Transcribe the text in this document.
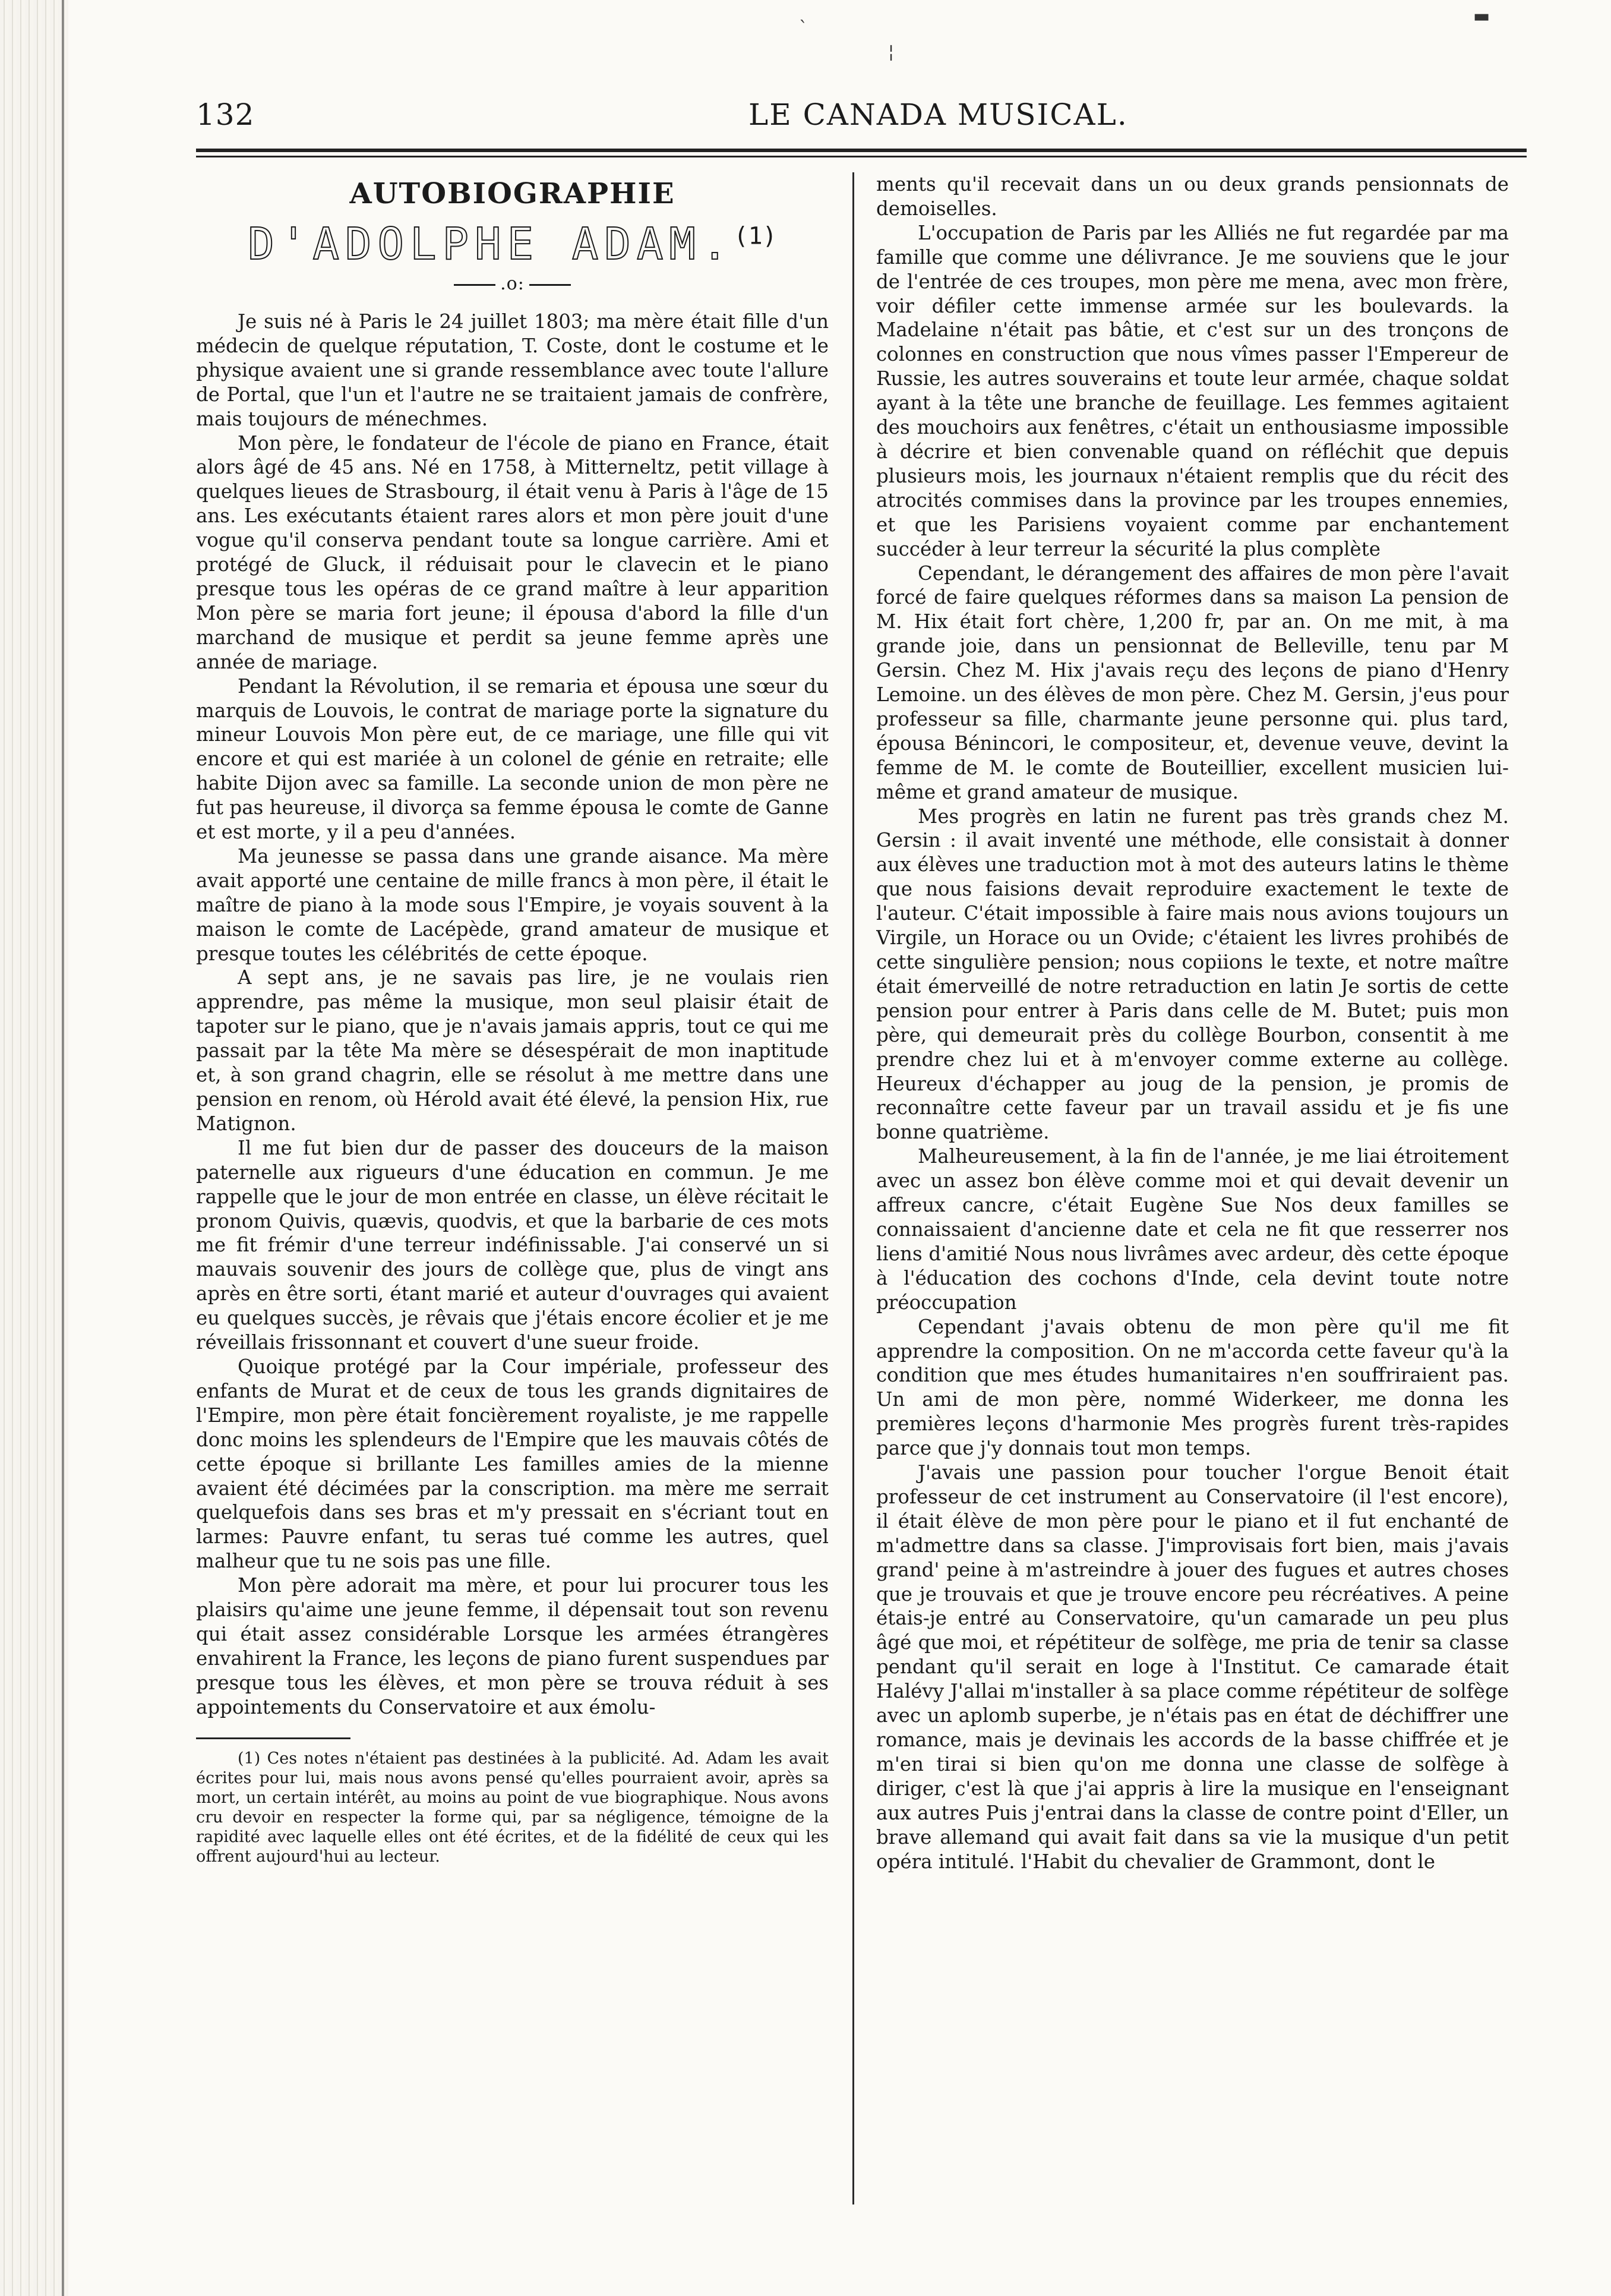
132	LE CANADA MUSICAL.
AUTOBIOGRAPHIE
D'ADOLPHE ADAM.$^{(1)}$
.o:

Je suis né à Paris le 24 juillet 1803; ma mère était fille d'un médecin de quelque réputation, T. Coste, dont le costume et le physique avaient une si grande ressemblance avec toute l'allure de Portal, que l'un et l'autre ne se traitaient jamais de confrère, mais toujours de ménechmes.

Mon père, le fondateur de l'école de piano en France, était alors âgé de 45 ans. Né en 1758, à Mitterneltz, petit village à quelques lieues de Strasbourg, il était venu à Paris à l'âge de 15 ans. Les exécutants étaient rares alors et mon père jouit d'une vogue qu'il conserva pendant toute sa longue carrière. Ami et protégé de Gluck, il réduisait pour le clavecin et le piano presque tous les opéras de ce grand maître à leur apparition Mon père se maria fort jeune; il épousa d'abord la fille d'un marchand de musique et perdit sa jeune femme après une année de mariage.

Pendant la Révolution, il se remaria et épousa une sœur du marquis de Louvois, le contrat de mariage porte la signature du mineur Louvois Mon père eut, de ce mariage, une fille qui vit encore et qui est mariée à un colonel de génie en retraite; elle habite Dijon avec sa famille. La seconde union de mon père ne fut pas heureuse, il divorça sa femme épousa le comte de Ganne et est morte, y il a peu d'années.

Ma jeunesse se passa dans une grande aisance. Ma mère avait apporté une centaine de mille francs à mon père, il était le maître de piano à la mode sous l'Empire, je voyais souvent à la maison le comte de Lacépède, grand amateur de musique et presque toutes les célébrités de cette époque.

A sept ans, je ne savais pas lire, je ne voulais rien apprendre, pas même la musique, mon seul plaisir était de tapoter sur le piano, que je n'avais jamais appris, tout ce qui me passait par la tête Ma mère se désespérait de mon inaptitude et, à son grand chagrin, elle se résolut à me mettre dans une pension en renom, où Hérold avait été élevé, la pension Hix, rue Matignon.

Il me fut bien dur de passer des douceurs de la maison paternelle aux rigueurs d'une éducation en commun. Je me rappelle que le jour de mon entrée en classe, un élève récitait le pronom Quivis, quævis, quodvis, et que la barbarie de ces mots me fit frémir d'une terreur indéfinissable. J'ai conservé un si mauvais souvenir des jours de collège que, plus de vingt ans après en être sorti, étant marié et auteur d'ouvrages qui avaient eu quelques succès, je rêvais que j'étais encore écolier et je me réveillais frissonnant et couvert d'une sueur froide.

Quoique protégé par la Cour impériale, professeur des enfants de Murat et de ceux de tous les grands dignitaires de l'Empire, mon père était foncièrement royaliste, je me rappelle donc moins les splendeurs de l'Empire que les mauvais côtés de cette époque si brillante Les familles amies de la mienne avaient été décimées par la conscription. ma mère me serrait quelquefois dans ses bras et m'y pressait en s'écriant tout en larmes: Pauvre enfant, tu seras tué comme les autres, quel malheur que tu ne sois pas une fille.

Mon père adorait ma mère, et pour lui procurer tous les plaisirs qu'aime une jeune femme, il dépensait tout son revenu qui était assez considérable Lorsque les armées étrangères envahirent la France, les leçons de piano furent suspendues par presque tous les élèves, et mon père se trouva réduit à ses appointements du Conservatoire et aux émolu-

(1) Ces notes n'étaient pas destinées à la publicité. Ad. Adam les avait écrites pour lui, mais nous avons pensé qu'elles pourraient avoir, après sa mort, un certain intérêt, au moins au point de vue biographique. Nous avons cru devoir en respecter la forme qui, par sa négligence, témoigne de la rapidité avec laquelle elles ont été écrites, et de la fidélité de ceux qui les offrent aujourd'hui au lecteur.

ments qu'il recevait dans un ou deux grands pensionnats de demoiselles.

L'occupation de Paris par les Alliés ne fut regardée par ma famille que comme une délivrance. Je me souviens que le jour de l'entrée de ces troupes, mon père me mena, avec mon frère, voir défiler cette immense armée sur les boulevards. la Madelaine n'était pas bâtie, et c'est sur un des tronçons de colonnes en construction que nous vîmes passer l'Empereur de Russie, les autres souverains et toute leur armée, chaque soldat ayant à la tête une branche de feuillage. Les femmes agitaient des mouchoirs aux fenêtres, c'était un enthousiasme impossible à décrire et bien convenable quand on réfléchit que depuis plusieurs mois, les journaux n'étaient remplis que du récit des atrocités commises dans la province par les troupes ennemies, et que les Parisiens voyaient comme par enchantement succéder à leur terreur la sécurité la plus complète

Cependant, le dérangement des affaires de mon père l'avait forcé de faire quelques réformes dans sa maison La pension de M. Hix était fort chère, 1,200 fr, par an. On me mit, à ma grande joie, dans un pensionnat de Belleville, tenu par M Gersin. Chez M. Hix j'avais reçu des leçons de piano d'Henry Lemoine. un des élèves de mon père. Chez M. Gersin, j'eus pour professeur sa fille, charmante jeune personne qui. plus tard, épousa Bénincori, le compositeur, et, devenue veuve, devint la femme de M. le comte de Bouteillier, excellent musicien lui-même et grand amateur de musique.

Mes progrès en latin ne furent pas très grands chez M. Gersin : il avait inventé une méthode, elle consistait à donner aux élèves une traduction mot à mot des auteurs latins le thème que nous faisions devait reproduire exactement le texte de l'auteur. C'était impossible à faire mais nous avions toujours un Virgile, un Horace ou un Ovide; c'étaient les livres prohibés de cette singulière pension; nous copiions le texte, et notre maître était émerveillé de notre retraduction en latin Je sortis de cette pension pour entrer à Paris dans celle de M. Butet; puis mon père, qui demeurait près du collège Bourbon, consentit à me prendre chez lui et à m'envoyer comme externe au collège. Heureux d'échapper au joug de la pension, je promis de reconnaître cette faveur par un travail assidu et je fis une bonne quatrième.

Malheureusement, à la fin de l'année, je me liai étroitement avec un assez bon élève comme moi et qui devait devenir un affreux cancre, c'était Eugène Sue Nos deux familles se connaissaient d'ancienne date et cela ne fit que resserrer nos liens d'amitié Nous nous livrâmes avec ardeur, dès cette époque à l'éducation des cochons d'Inde, cela devint toute notre préoccupation

Cependant j'avais obtenu de mon père qu'il me fit apprendre la composition. On ne m'accorda cette faveur qu'à la condition que mes études humanitaires n'en souffriraient pas. Un ami de mon père, nommé Widerkeer, me donna les premières leçons d'harmonie Mes progrès furent très-rapides parce que j'y donnais tout mon temps.

J'avais une passion pour toucher l'orgue Benoit était professeur de cet instrument au Conservatoire (il l'est encore), il était élève de mon père pour le piano et il fut enchanté de m'admettre dans sa classe. J'improvisais fort bien, mais j'avais grand' peine à m'astreindre à jouer des fugues et autres choses que je trouvais et que je trouve encore peu récréatives. A peine étais-je entré au Conservatoire, qu'un camarade un peu plus âgé que moi, et répétiteur de solfège, me pria de tenir sa classe pendant qu'il serait en loge à l'Institut. Ce camarade était Halévy J'allai m'installer à sa place comme répétiteur de solfège avec un aplomb superbe, je n'étais pas en état de déchiffrer une romance, mais je devinais les accords de la basse chiffrée et je m'en tirai si bien qu'on me donna une classe de solfège à diriger, c'est là que j'ai appris à lire la musique en l'enseignant aux autres Puis j'entrai dans la classe de contre point d'Eller, un brave allemand qui avait fait dans sa vie la musique d'un petit opéra intitulé. l'Habit du chevalier de Grammont, dont le

ˋ
¦
▬
